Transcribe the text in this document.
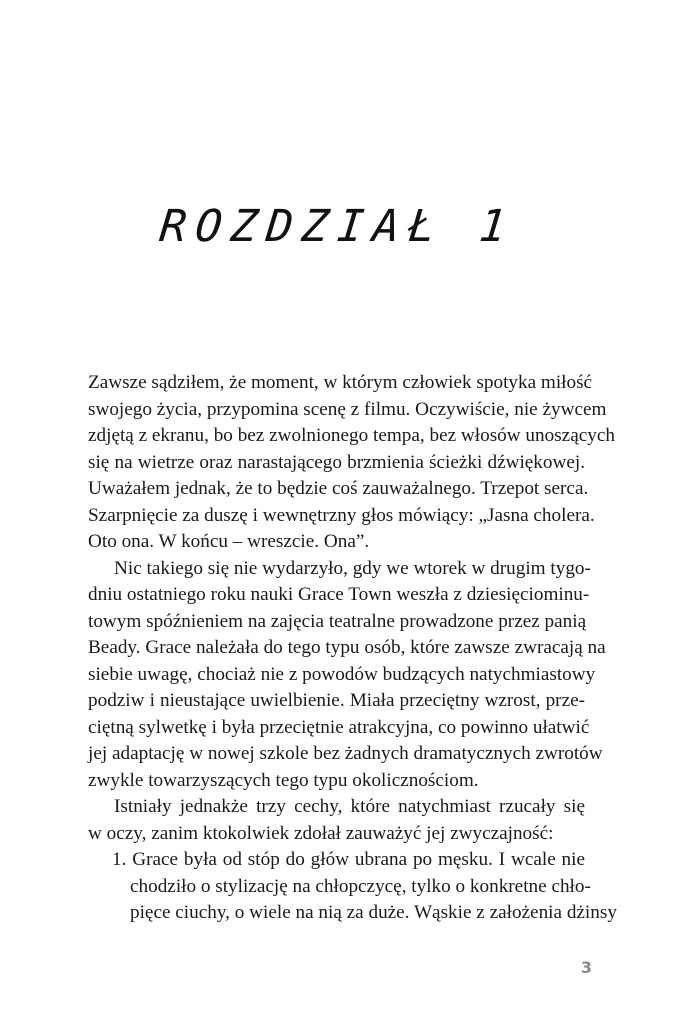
ROZDZIAŁ 1
Zawsze sądziłem, że moment, w którym człowiek spotyka miłość
swojego życia, przypomina scenę z filmu. Oczywiście, nie żywcem
zdjętą z ekranu, bo bez zwolnionego tempa, bez włosów unoszących
się na wietrze oraz narastającego brzmienia ścieżki dźwiękowej.
Uważałem jednak, że to będzie coś zauważalnego. Trzepot serca.
Szarpnięcie za duszę i wewnętrzny głos mówiący: „Jasna cholera.
Oto ona. W końcu – wreszcie. Ona”.
Nic takiego się nie wydarzyło, gdy we wtorek w drugim tygo-
dniu ostatniego roku nauki Grace Town weszła z dziesięciominu-
towym spóźnieniem na zajęcia teatralne prowadzone przez panią
Beady. Grace należała do tego typu osób, które zawsze zwracają na
siebie uwagę, chociaż nie z powodów budzących natychmiastowy
podziw i nieustające uwielbienie. Miała przeciętny wzrost, prze-
ciętną sylwetkę i była przeciętnie atrakcyjna, co powinno ułatwić
jej adaptację w nowej szkole bez żadnych dramatycznych zwrotów
zwykle towarzyszących tego typu okolicznościom.
Istniały jednakże trzy cechy, które natychmiast rzucały się
w oczy, zanim ktokolwiek zdołał zauważyć jej zwyczajność:
1. Grace była od stóp do głów ubrana po męsku. I wcale nie
chodziło o stylizację na chłopczycę, tylko o konkretne chło-
pięce ciuchy, o wiele na nią za duże. Wąskie z założenia dżinsy
3
